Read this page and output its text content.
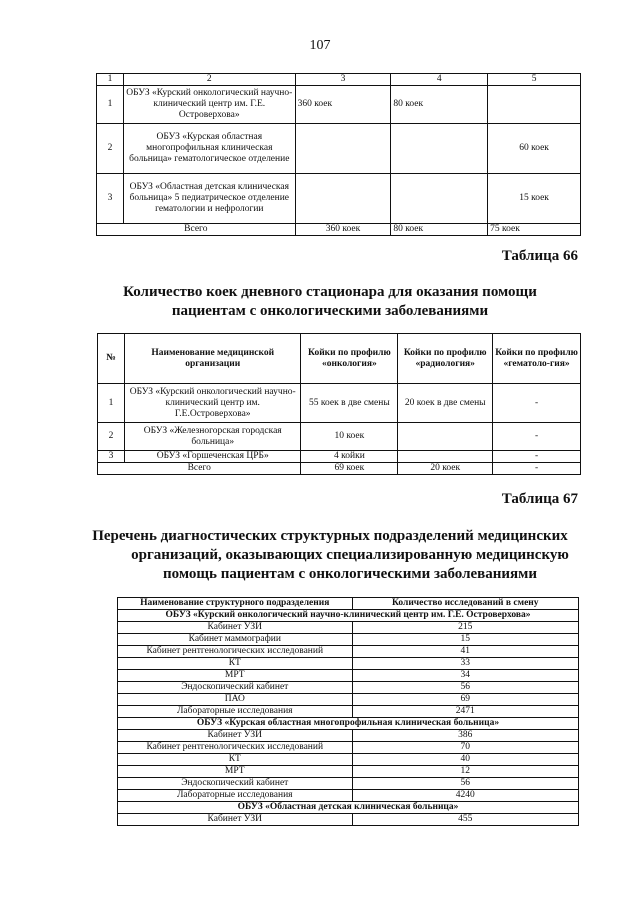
107
1	2	3	4	5
1	ОБУЗ «Курский онкологический научно-клинический центр им. Г.Е. Островерхова»	360 коек	80 коек	
2	ОБУЗ «Курская областная многопрофильная клиническая больница» гематологическое отделение			60 коек
3	ОБУЗ «Областная детская клиническая больница» 5 педиатрическое отделение гематологии и нефрологии			15 коек
Всего		360 коек	80 коек	75 коек
Таблица 66
Количество коек дневного стационара для оказания помощи
пациентам с онкологическими заболеваниями
№	Наименование медицинской организации	Койки по профилю «онкология»	Койки по профилю «радиология»	Койки по профилю «гематоло-гия»
1	ОБУЗ «Курский онкологический научно-клинический центр им. Г.Е.Островерхова»	55 коек в две смены	20 коек в две смены	-
2	ОБУЗ «Железногорская городская больница»	10 коек		-
3	ОБУЗ «Горшеченская ЦРБ»	4 койки		-
Всего		69 коек	20 коек	-
Таблица 67
Перечень диагностических структурных подразделений медицинских
организаций, оказывающих специализированную медицинскую
помощь пациентам с онкологическими заболеваниями
Наименование структурного подразделения	Количество исследований в смену
ОБУЗ «Курский онкологический научно-клинический центр им. Г.Е. Островерхова»	
Кабинет УЗИ	215
Кабинет маммографии	15
Кабинет рентгенологических исследований	41
КТ	33
МРТ	34
Эндоскопический кабинет	56
ПАО	69
Лабораторные исследования	2471
ОБУЗ «Курская областная многопрофильная клиническая больница»	
Кабинет УЗИ	386
Кабинет рентгенологических исследований	70
КТ	40
МРТ	12
Эндоскопический кабинет	56
Лабораторные исследования	4240
ОБУЗ «Областная детская клиническая больница»	
Кабинет УЗИ	455
